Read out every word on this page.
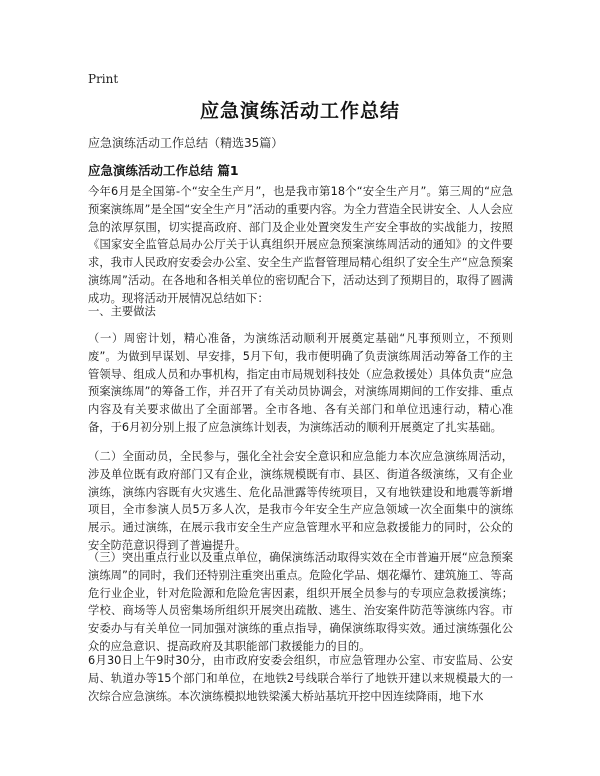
Print
应急演练活动工作总结
应急演练活动工作总结（精选35篇）
应急演练活动工作总结 篇1

今年6月是全国第-个“安全生产月”，也是我市第18个“安全生产月”。第三周的“应急预案演练周”是全国“安全生产月”活动的重要内容。为全力营造全民讲安全、人人会应急的浓厚氛围，切实提高政府、部门及企业处置突发生产安全事故的实战能力，按照《国家安全监管总局办公厅关于认真组织开展应急预案演练周活动的通知》的文件要求，我市人民政府安委会办公室、安全生产监督管理局精心组织了安全生产“应急预案演练周”活动。在各地和各相关单位的密切配合下，活动达到了预期目的，取得了圆满成功。现将活动开展情况总结如下：

一、主要做法

（一）周密计划，精心准备，为演练活动顺利开展奠定基础“凡事预则立，不预则废”。为做到早谋划、早安排，5月下旬，我市便明确了负责演练周活动筹备工作的主管领导、组成人员和办事机构，指定由市局规划科技处（应急救援处）具体负责“应急预案演练周”的筹备工作，并召开了有关动员协调会，对演练周期间的工作安排、重点内容及有关要求做出了全面部署。全市各地、各有关部门和单位迅速行动，精心准备，于6月初分别上报了应急演练计划表，为演练活动的顺利开展奠定了扎实基础。

（二）全面动员，全民参与，强化全社会安全意识和应急能力本次应急演练周活动，涉及单位既有政府部门又有企业，演练规模既有市、县区、街道各级演练，又有企业演练，演练内容既有火灾逃生、危化品泄露等传统项目，又有地铁建设和地震等新增项目，全市参演人员5万多人次，是我市今年安全生产应急领域一次全面集中的演练展示。通过演练，在展示我市安全生产应急管理水平和应急救援能力的同时，公众的安全防范意识得到了普遍提升。

（三）突出重点行业以及重点单位，确保演练活动取得实效在全市普遍开展“应急预案演练周”的同时，我们还特别注重突出重点。危险化学品、烟花爆竹、建筑施工、等高危行业企业，针对危险源和危险危害因素，组织开展全员参与的专项应急救援演练；学校、商场等人员密集场所组织开展突出疏散、逃生、治安案件防范等演练内容。市安委办与有关单位一同加强对演练的重点指导，确保演练取得实效。通过演练强化公众的应急意识、提高政府及其职能部门救援能力的目的。

6月30日上午9时30分，由市政府安委会组织，市应急管理办公室、市安监局、公安局、轨道办等15个部门和单位，在地铁2号线联合举行了地铁开建以来规模最大的一次综合应急演练。本次演练模拟地铁梁溪大桥站基坑开挖中因连续降雨，地下水
